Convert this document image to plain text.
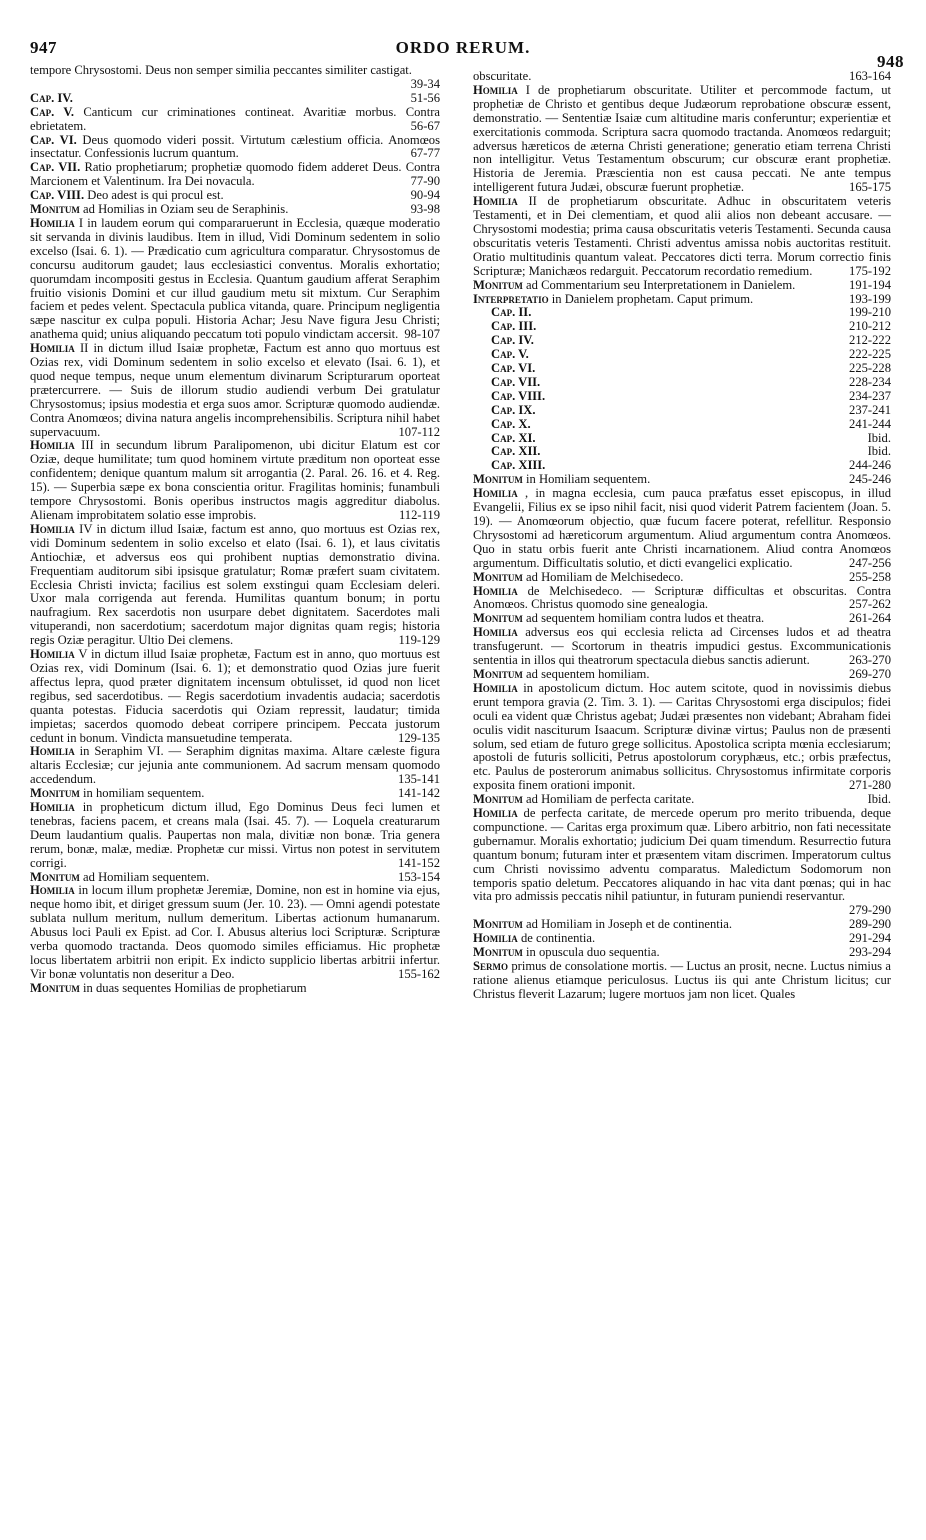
947	ORDO RERUM.
948

tempore Chrysostomi. Deus non semper similia peccantes similiter castigat.
39-34

Cap. IV.	51-56

Cap. V. Canticum cur criminationes contineat. Avaritiæ morbus. Contra ebrietatem.	56-67

Cap. VI. Deus quomodo videri possit. Virtutum cælestium officia. Anomœos insectatur. Confessionis lucrum quantum.	67-77

Cap. VII. Ratio prophetiarum; prophetiæ quomodo fidem adderet Deus. Contra Marcionem et Valentinum. Ira Dei novacula.	77-90

Cap. VIII. Deo adest is qui procul est.	90-94

Monitum ad Homilias in Oziam seu de Seraphinis.	93-98

Homilia I in laudem eorum qui compararuerunt in Ecclesia, quæque moderatio sit servanda in divinis laudibus. Item in illud, Vidi Dominum sedentem in solio excelso (Isai. 6. 1). — Prædicatio cum agricultura comparatur. Chrysostomus de concursu auditorum gaudet; laus ecclesiastici conventus. Moralis exhortatio; quorumdam incompositi gestus in Ecclesia. Quantum gaudium afferat Seraphim fruitio visionis Domini et cur illud gaudium metu sit mixtum. Cur Seraphim faciem et pedes velent. Spectacula publica vitanda, quare. Principum negligentia sæpe nascitur ex culpa populi. Historia Achar; Jesu Nave figura Jesu Christi; anathema quid; unius aliquando peccatum toti populo vindictam accersit. 98-107

Homilia II in dictum illud Isaiæ prophetæ, Factum est anno quo mortuus est Ozias rex, vidi Dominum sedentem in solio excelso et elevato (Isai. 6. 1), et quod neque tempus, neque unum elementum divinarum Scripturarum oporteat prætercurrere. — Suis de illorum studio audiendi verbum Dei gratulatur Chrysostomus; ipsius modestia et erga suos amor. Scripturæ quomodo audiendæ. Contra Anomœos; divina natura angelis incomprehensibilis. Scriptura nihil habet supervacuum.	107-112

Homilia III in secundum librum Paralipomenon, ubi dicitur Elatum est cor Oziæ, deque humilitate; tum quod hominem virtute præditum non oporteat esse confidentem; denique quantum malum sit arrogantia (2. Paral. 26. 16. et 4. Reg. 15). — Superbia sæpe ex bona conscientia oritur. Fragilitas hominis; funambuli tempore Chrysostomi. Bonis operibus instructos magis aggreditur diabolus. Alienam improbitatem solatio esse improbis.	112-119

Homilia IV in dictum illud Isaiæ, factum est anno, quo mortuus est Ozias rex, vidi Dominum sedentem in solio excelso et elato (Isai. 6. 1), et laus civitatis Antiochiæ, et adversus eos qui prohibent nuptias demonstratio divina. Frequentiam auditorum sibi ipsisque gratulatur; Romæ præfert suam civitatem. Ecclesia Christi invicta; facilius est solem exstingui quam Ecclesiam deleri. Uxor mala corrigenda aut ferenda. Humilitas quantum bonum; in portu naufragium. Rex sacerdotis non usurpare debet dignitatem. Sacerdotes mali vituperandi, non sacerdotium; sacerdotum major dignitas quam regis; historia regis Oziæ peragitur. Ultio Dei clemens.	119-129

Homilia V in dictum illud Isaiæ prophetæ, Factum est in anno, quo mortuus est Ozias rex, vidi Dominum (Isai. 6. 1); et demonstratio quod Ozias jure fuerit affectus lepra, quod præter dignitatem incensum obtulisset, id quod non licet regibus, sed sacerdotibus. — Regis sacerdotium invadentis audacia; sacerdotis quanta potestas. Fiducia sacerdotis qui Oziam repressit, laudatur; timida impietas; sacerdos quomodo debeat corripere principem. Peccata justorum cedunt in bonum. Vindicta mansuetudine temperata.	129-135

Homilia in Seraphim VI. — Seraphim dignitas maxima. Altare cæleste figura altaris Ecclesiæ; cur jejunia ante communionem. Ad sacrum mensam quomodo accedendum.	135-141

Monitum in homiliam sequentem.	141-142

Homilia in propheticum dictum illud, Ego Dominus Deus feci lumen et tenebras, faciens pacem, et creans mala (Isai. 45. 7). — Loquela creaturarum Deum laudantium qualis. Paupertas non mala, divitiæ non bonæ. Tria genera rerum, bonæ, malæ, mediæ. Prophetæ cur missi. Virtus non potest in servitutem corrigi.	141-152

Monitum ad Homiliam sequentem.	153-154

Homilia in locum illum prophetæ Jeremiæ, Domine, non est in homine via ejus, neque homo ibit, et diriget gressum suum (Jer. 10. 23). — Omni agendi potestate sublata nullum meritum, nullum demeritum. Libertas actionum humanarum. Abusus loci Pauli ex Epist. ad Cor. I. Abusus alterius loci Scripturæ. Scripturæ verba quomodo tractanda. Deos quomodo similes efficiamus. Hic prophetæ locus libertatem arbitrii non eripit. Ex indicto supplicio libertas arbitrii infertur. Vir bonæ voluntatis non deseritur a Deo.	155-162

Monitum in duas sequentes Homilias de prophetiarum

obscuritate.	163-164

Homilia I de prophetiarum obscuritate. Utiliter et percommode factum, ut prophetiæ de Christo et gentibus deque Judæorum reprobatione obscuræ essent, demonstratio. — Sententiæ Isaiæ cum altitudine maris conferuntur; experientiæ et exercitationis commoda. Scriptura sacra quomodo tractanda. Anomœos redarguit; adversus hæreticos de æterna Christi generatione; generatio etiam terrena Christi non intelligitur. Vetus Testamentum obscurum; cur obscuræ erant prophetiæ. Historia de Jeremia. Præscientia non est causa peccati. Ne ante tempus intelligerent futura Judæi, obscuræ fuerunt prophetiæ.	165-175

Homilia II de prophetiarum obscuritate. Adhuc in obscuritatem veteris Testamenti, et in Dei clementiam, et quod alii alios non debeant accusare. — Chrysostomi modestia; prima causa obscuritatis veteris Testamenti. Secunda causa obscuritatis veteris Testamenti. Christi adventus amissa nobis auctoritas restituit. Oratio multitudinis quantum valeat. Peccatores dicti terra. Morum correctio finis Scripturæ; Manichæos redarguit. Peccatorum recordatio remedium.	175-192

Monitum ad Commentarium seu Interpretationem in Danielem.	191-194

Interpretatio in Danielem prophetam. Caput primum.	193-199

Cap. II.	199-210
Cap. III.	210-212
Cap. IV.	212-222
Cap. V.	222-225
Cap. VI.	225-228
Cap. VII.	228-234
Cap. VIII.	234-237
Cap. IX.	237-241
Cap. X.	241-244
Cap. XI.	Ibid.
Cap. XII.	Ibid.
Cap. XIII.	244-246

Monitum in Homiliam sequentem.	245-246

Homilia , in magna ecclesia, cum pauca præfatus esset episcopus, in illud Evangelii, Filius ex se ipso nihil facit, nisi quod viderit Patrem facientem (Joan. 5. 19). — Anomœorum objectio, quæ fucum facere poterat, refellitur. Responsio Chrysostomi ad hæreticorum argumentum. Aliud argumentum contra Anomœos. Quo in statu orbis fuerit ante Christi incarnationem. Aliud contra Anomœos argumentum. Difficultatis solutio, et dicti evangelici explicatio.	247-256

Monitum ad Homiliam de Melchisedeco.	255-258

Homilia de Melchisedeco. — Scripturæ difficultas et obscuritas. Contra Anomœos. Christus quomodo sine genealogia.	257-262

Monitum ad sequentem homiliam contra ludos et theatra.	261-264

Homilia adversus eos qui ecclesia relicta ad Circenses ludos et ad theatra transfugerunt. — Scortorum in theatris impudici gestus. Excommunicationis sententia in illos qui theatrorum spectacula diebus sanctis adierunt.	263-270

Monitum ad sequentem homiliam.	269-270

Homilia in apostolicum dictum. Hoc autem scitote, quod in novissimis diebus erunt tempora gravia (2. Tim. 3. 1). — Caritas Chrysostomi erga discipulos; fidei oculi ea vident quæ Christus agebat; Judæi præsentes non videbant; Abraham fidei oculis vidit nasciturum Isaacum. Scripturæ divinæ virtus; Paulus non de præsenti solum, sed etiam de futuro grege sollicitus. Apostolica scripta mœnia ecclesiarum; apostoli de futuris solliciti, Petrus apostolorum coryphæus, etc.; orbis præfectus, etc. Paulus de posterorum animabus sollicitus. Chrysostomus infirmitate corporis exposita finem orationi imponit.	271-280

Monitum ad Homiliam de perfecta caritate.	Ibid.

Homilia de perfecta caritate, de mercede operum pro merito tribuenda, deque compunctione. — Caritas erga proximum quæ. Libero arbitrio, non fati necessitate gubernamur. Moralis exhortatio; judicium Dei quam timendum. Resurrectio futura quantum bonum; futuram inter et præsentem vitam discrimen. Imperatorum cultus cum Christi novissimo adventu comparatus. Maledictum Sodomorum non temporis spatio deletum. Peccatores aliquando in hac vita dant pœnas; qui in hac vita pro admissis peccatis nihil patiuntur, in futuram puniendi reservantur.
279-290

Monitum ad Homiliam in Joseph et de continentia.	289-290

Homilia de continentia.	291-294

Monitum in opuscula duo sequentia.	293-294

Sermo primus de consolatione mortis. — Luctus an prosit, necne. Luctus nimius a ratione alienus etiamque periculosus. Luctus iis qui ante Christum licitus; cur Christus fleverit Lazarum; lugere mortuos jam non licet. Quales
